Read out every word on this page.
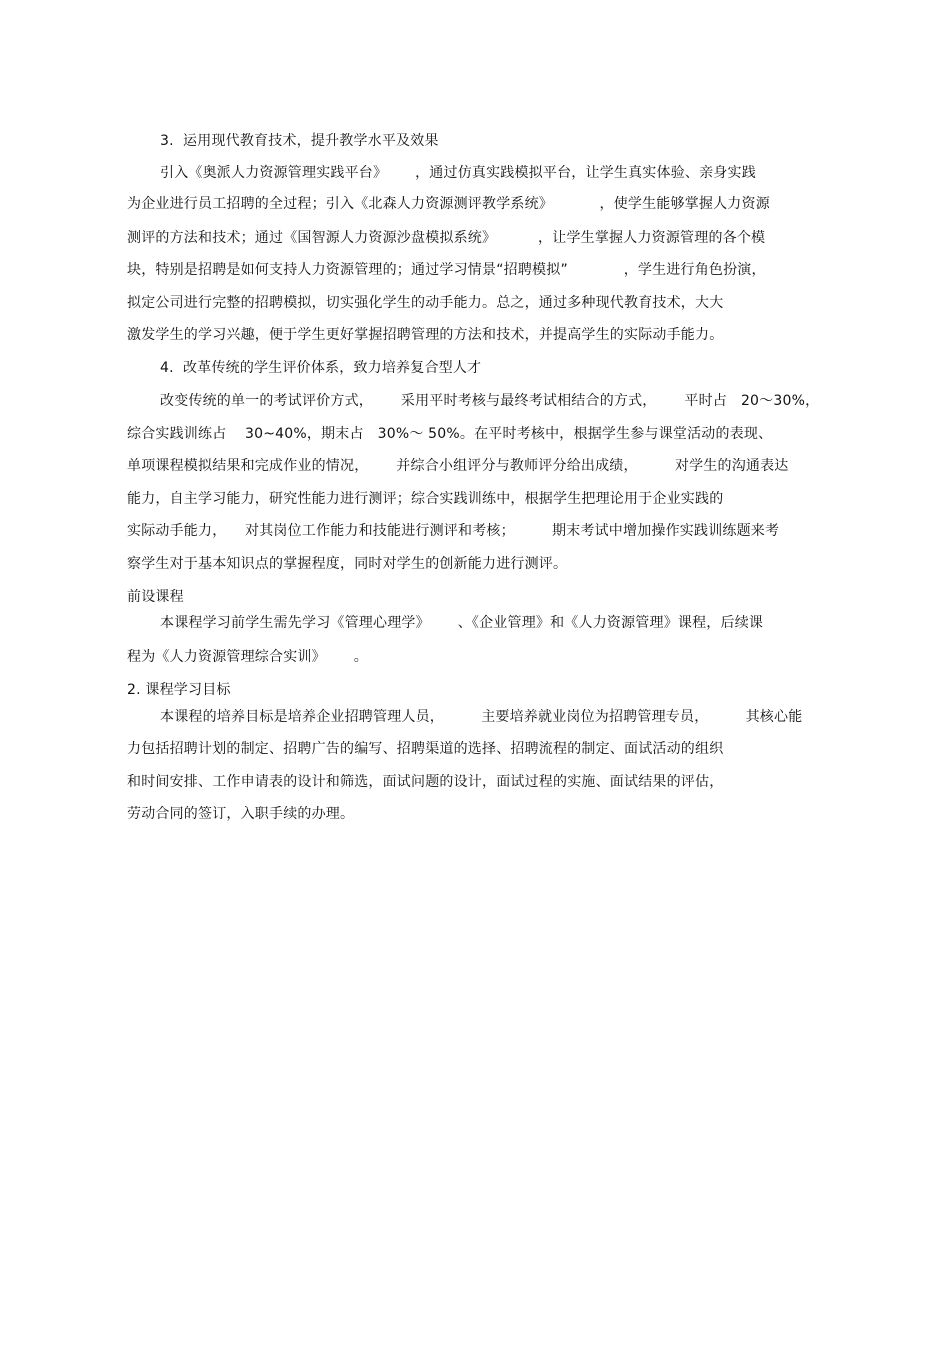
3.  运用现代教育技术，提升教学水平及效果
引入《奥派人力资源管理实践平台》      ，通过仿真实践模拟平台，让学生真实体验、亲身实践
为企业进行员工招聘的全过程；引入《北森人力资源测评教学系统》          ，使学生能够掌握人力资源
测评的方法和技术；通过《国智源人力资源沙盘模拟系统》         ，让学生掌握人力资源管理的各个模
块，特别是招聘是如何支持人力资源管理的；通过学习情景“招聘模拟”            ，学生进行角色扮演，
拟定公司进行完整的招聘模拟，切实强化学生的动手能力。总之，通过多种现代教育技术，大大
激发学生的学习兴趣，便于学生更好掌握招聘管理的方法和技术，并提高学生的实际动手能力。
4.  改革传统的学生评价体系，致力培养复合型人才
改变传统的单一的考试评价方式，      采用平时考核与最终考试相结合的方式，      平时占   20～30%，
综合实践训练占    30~40%，期末占   30%～ 50%。在平时考核中，根据学生参与课堂活动的表现、
单项课程模拟结果和完成作业的情况，      并综合小组评分与教师评分给出成绩，        对学生的沟通表达
能力，自主学习能力，研究性能力进行测评；综合实践训练中，根据学生把理论用于企业实践的
实际动手能力，    对其岗位工作能力和技能进行测评和考核；        期末考试中增加操作实践训练题来考
察学生对于基本知识点的掌握程度，同时对学生的创新能力进行测评。
前设课程
本课程学习前学生需先学习《管理心理学》      、《企业管理》和《人力资源管理》课程，后续课
程为《人力资源管理综合实训》      。
2. 课程学习目标
本课程的培养目标是培养企业招聘管理人员，        主要培养就业岗位为招聘管理专员，        其核心能
力包括招聘计划的制定、招聘广告的编写、招聘渠道的选择、招聘流程的制定、面试活动的组织
和时间安排、工作申请表的设计和筛选，面试问题的设计，面试过程的实施、面试结果的评估，
劳动合同的签订，入职手续的办理。
